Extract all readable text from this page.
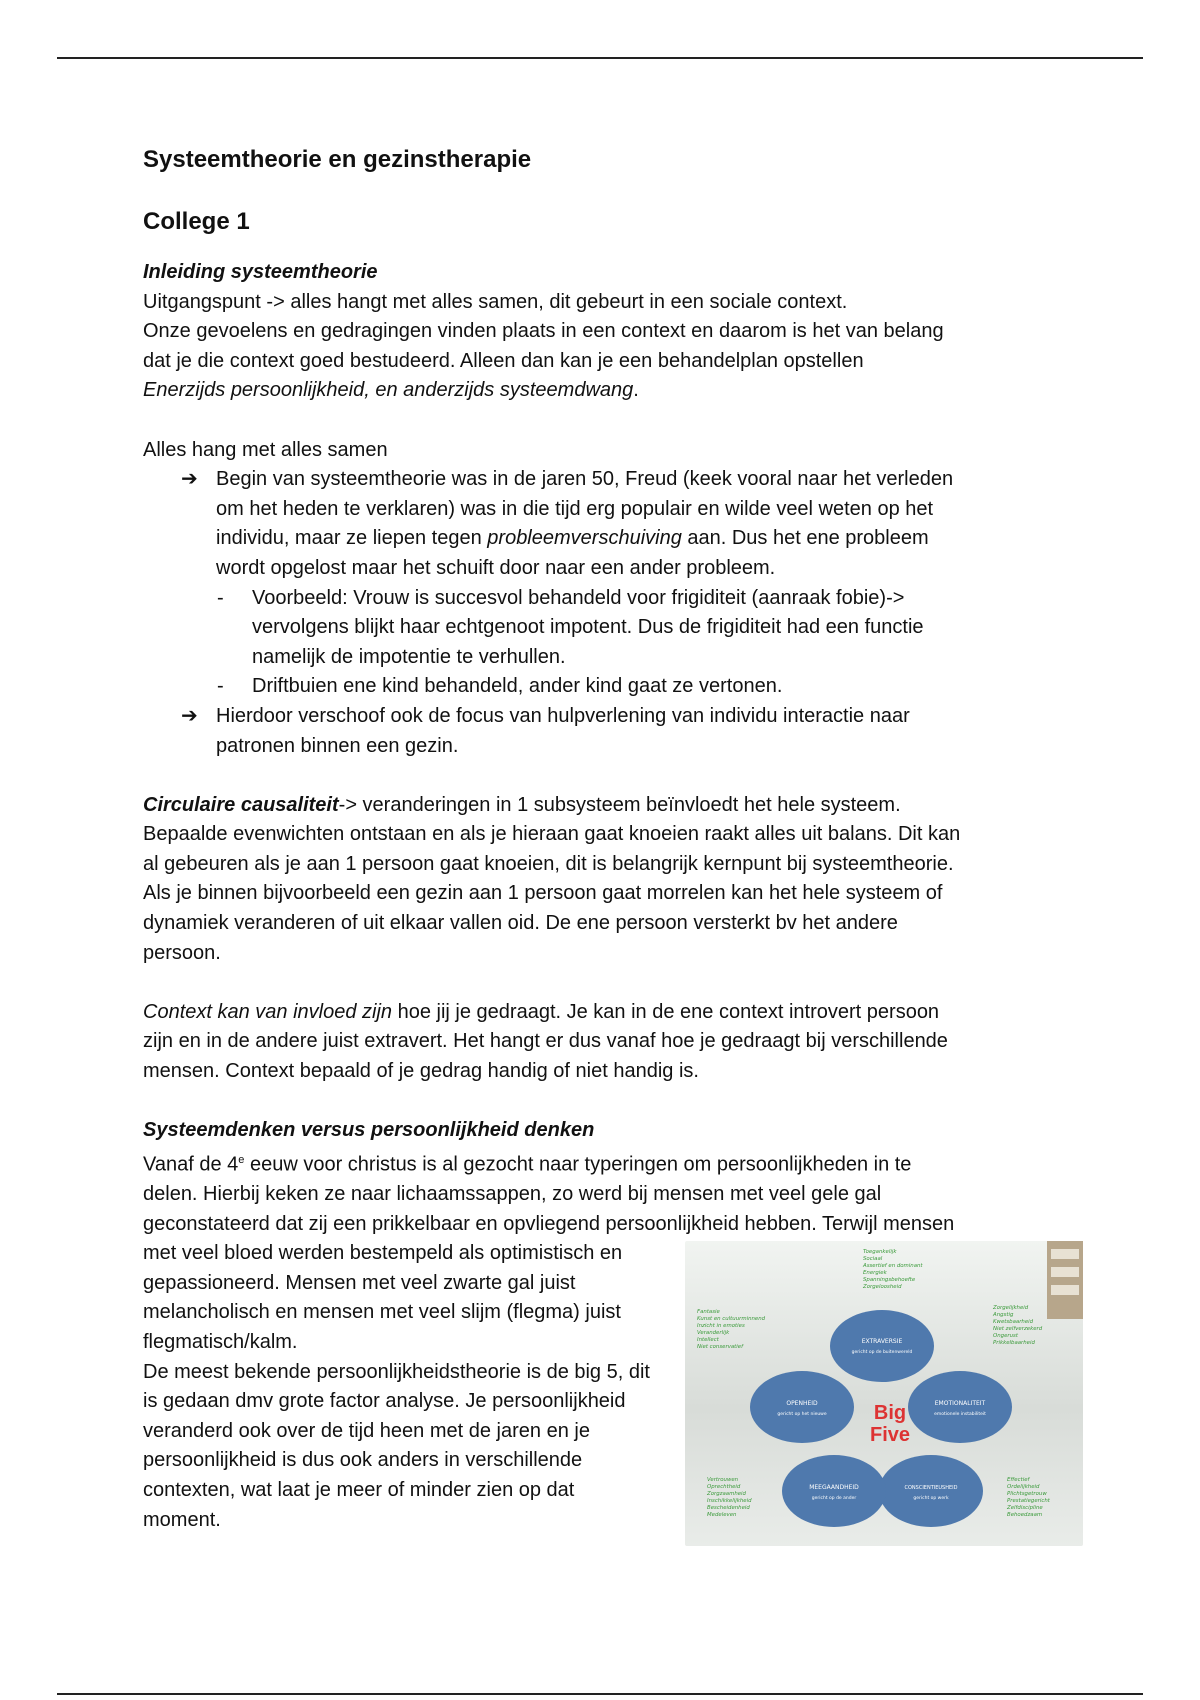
Systeemtheorie en gezinstherapie
College 1

Inleiding systeemtheorie

Uitgangspunt -> alles hangt met alles samen, dit gebeurt in een sociale context.

Onze gevoelens en gedragingen vinden plaats in een context en daarom is het van belang

dat je die context goed bestudeerd. Alleen dan kan je een behandelplan opstellen

Enerzijds persoonlijkheid, en anderzijds systeemdwang.

Alles hang met alles samen

➔ Begin van systeemtheorie was in de jaren 50, Freud (keek vooral naar het verleden

om het heden te verklaren) was in die tijd erg populair en wilde veel weten op het

individu, maar ze liepen tegen probleemverschuiving aan. Dus het ene probleem

wordt opgelost maar het schuift door naar een ander probleem.

- Voorbeeld: Vrouw is succesvol behandeld voor frigiditeit (aanraak fobie)->

vervolgens blijkt haar echtgenoot impotent. Dus de frigiditeit had een functie

namelijk de impotentie te verhullen.

- Driftbuien ene kind behandeld, ander kind gaat ze vertonen.

➔ Hierdoor verschoof ook de focus van hulpverlening van individu interactie naar

patronen binnen een gezin.

Circulaire causaliteit-> veranderingen in 1 subsysteem beïnvloedt het hele systeem.

Bepaalde evenwichten ontstaan en als je hieraan gaat knoeien raakt alles uit balans. Dit kan

al gebeuren als je aan 1 persoon gaat knoeien, dit is belangrijk kernpunt bij systeemtheorie.

Als je binnen bijvoorbeeld een gezin aan 1 persoon gaat morrelen kan het hele systeem of

dynamiek veranderen of uit elkaar vallen oid. De ene persoon versterkt bv het andere

persoon.

Context kan van invloed zijn hoe jij je gedraagt. Je kan in de ene context introvert persoon

zijn en in de andere juist extravert. Het hangt er dus vanaf hoe je gedraagt bij verschillende

mensen. Context bepaald of je gedrag handig of niet handig is.

Systeemdenken versus persoonlijkheid denken

Vanaf de 4e eeuw voor christus is al gezocht naar typeringen om persoonlijkheden in te

delen. Hierbij keken ze naar lichaamssappen, zo werd bij mensen met veel gele gal

geconstateerd dat zij een prikkelbaar en opvliegend persoonlijkheid hebben. Terwijl mensen

EXTRAVERSIE
gericht op de buitenwereld
EMOTIONALITEIT
emotionele instabiliteit
CONSCIENTIEUSHEID
gericht op werk
MEEGAANDHEID
gericht op de ander
OPENHEID
gericht op het nieuwe Big
Five
Toegankelijk
Sociaal
Assertief en dominant
Energiek
Spanningsbehoefte
Zorgeloosheid
Zorgelijkheid
Angstig
Kwetsbaarheid
Niet zelfverzekerd
Ongerust
Prikkelbaarheid
Effectief
Ordelijkheid
Plichtsgetrouw
Prestatiegericht
Zelfdiscipline
Behoedzaam
Vertrouwen
Oprechtheid
Zorgzaamheid
Inschikkelijkheid
Bescheidenheid
Medeleven
Fantasie
Kunst en cultuurminnend
Inzicht in emoties
Veranderlijk
Intellect
Niet conservatief

met veel bloed werden bestempeld als optimistisch en

gepassioneerd. Mensen met veel zwarte gal juist

melancholisch en mensen met veel slijm (flegma) juist

flegmatisch/kalm.

De meest bekende persoonlijkheidstheorie is de big 5, dit

is gedaan dmv grote factor analyse. Je persoonlijkheid

veranderd ook over de tijd heen met de jaren en je

persoonlijkheid is dus ook anders in verschillende

contexten, wat laat je meer of minder zien op dat

moment.
